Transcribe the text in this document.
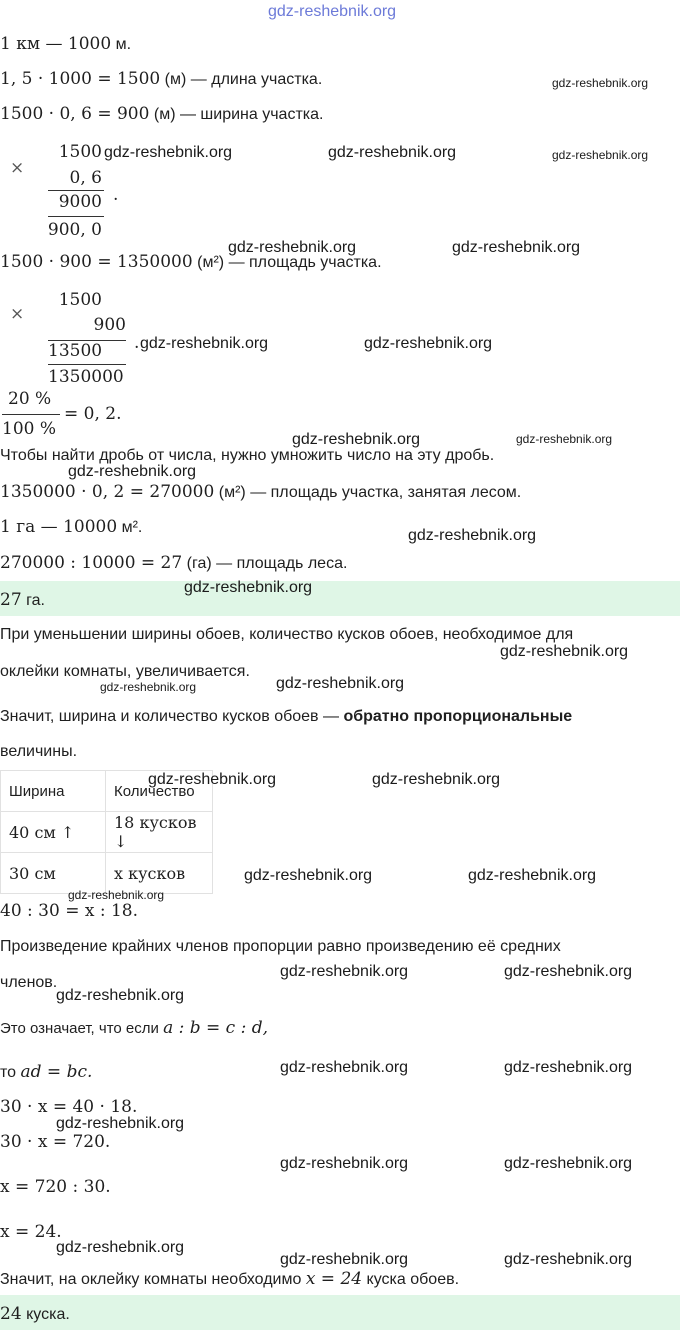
gdz-reshebnik.org
1 км — 1000 м.
1, 5 · 1000 = 1500 (м) — длина участка.
1500 · 0, 6 = 900 (м) — ширина участка.
×
1500
0, 6
9000 .
900, 0
1500 · 900 = 1350000 (м²) — площадь участка.
×
1500
900
13500 .
1350000
20 %
100 %
= 0, 2.
Чтобы найти дробь от числа, нужно умножить число на эту дробь.
1350000 · 0, 2 = 270000 (м²) — площадь участка, занятая лесом.
1 га — 10000 м².
270000 : 10000 = 27 (га) — площадь леса.
27 га.
При уменьшении ширины обоев, количество кусков обоев, необходимое для
оклейки комнаты, увеличивается.
Значит, ширина и количество кусков обоев — обратно пропорциональные
величины.
Ширина	Количество
40 см ↑	18 кусков ↓
30 см	x кусков
40 : 30 = x : 18.
Произведение крайних членов пропорции равно произведению её средних
членов.
Это означает, что если a : b = c : d,
то ad = bc.
30 · x = 40 · 18.
30 · x = 720.
x = 720 : 30.
x = 24.
Значит, на оклейку комнаты необходимо x = 24 куска обоев.
24 куска.
gdz-reshebnik.org
gdz-reshebnik.org	gdz-reshebnik.org	gdz-reshebnik.org
gdz-reshebnik.org	gdz-reshebnik.org
gdz-reshebnik.org	gdz-reshebnik.org
gdz-reshebnik.org	gdz-reshebnik.org
gdz-reshebnik.org
gdz-reshebnik.org
gdz-reshebnik.org
gdz-reshebnik.org
gdz-reshebnik.org	gdz-reshebnik.org
gdz-reshebnik.org	gdz-reshebnik.org
gdz-reshebnik.org	gdz-reshebnik.org
gdz-reshebnik.org
gdz-reshebnik.org	gdz-reshebnik.org
gdz-reshebnik.org
gdz-reshebnik.org	gdz-reshebnik.org
gdz-reshebnik.org
gdz-reshebnik.org	gdz-reshebnik.org
gdz-reshebnik.org
gdz-reshebnik.org	gdz-reshebnik.org
